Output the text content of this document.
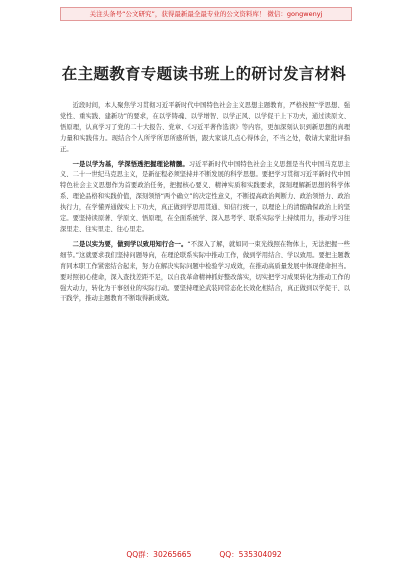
关注头条号“公文研究”，获得最新最全最专业的公文资料库！ 微信：gongwenyj
在主题教育专题读书班上的研讨发言材料

近段时间，本人聚焦学习贯彻习近平新时代中国特色社会主义思想主题教育，严格按照“学思想、强党性、重实践、建新功”的要求，在以学铸魂、以学增智、以学正风、以学促干上下功夫，通过读原文、悟原理，认真学习了党的二十大报告、党章、《习近平著作选读》等内容，更加深刻认识到新思想的真理力量和实践伟力。现结合个人所学所思所感所悟，跟大家谈几点心得体会，不当之处，敬请大家批评指正。

一是以学为基，学深悟透把握理论精髓。习近平新时代中国特色社会主义思想是当代中国马克思主义、二十一世纪马克思主义，是新征程必须坚持并不断发展的科学思想。要把学习贯彻习近平新时代中国特色社会主义思想作为首要政治任务，把握核心要义、精神实质和实践要求，深刻理解新思想的科学体系、理论品格和实践价值，深刻领悟“两个确立”的决定性意义，不断提高政治判断力、政治领悟力、政治执行力，在学懂弄通做实上下功夫，真正做到学思用贯通、知信行统一，以理论上的清醒确保政治上的坚定。要坚持读原著、学原文、悟原理，在全面系统学、深入思考学、联系实际学上持续用力，推动学习往深里走、往实里走、往心里走。

二是以实为要，做到学以致用知行合一。“不深入了解，就如同一束光线照在物体上，无法把握一些细节。”这就要求我们坚持问题导向，在理论联系实际中推动工作，做到学用结合、学以致用。要把主题教育同本职工作紧密结合起来，努力在解决实际问题中检验学习成效，在推动高质量发展中体现使命担当。要对照初心使命，深入查找差距不足，以自我革命精神抓好整改落实，切实把学习成果转化为推动工作的强大动力，转化为干事创业的实际行动。要坚持理论武装同常态化长效化相结合，真正做到以学促干、以干践学，推动主题教育不断取得新成效。

QQ群：30265665	QQ：535304092
